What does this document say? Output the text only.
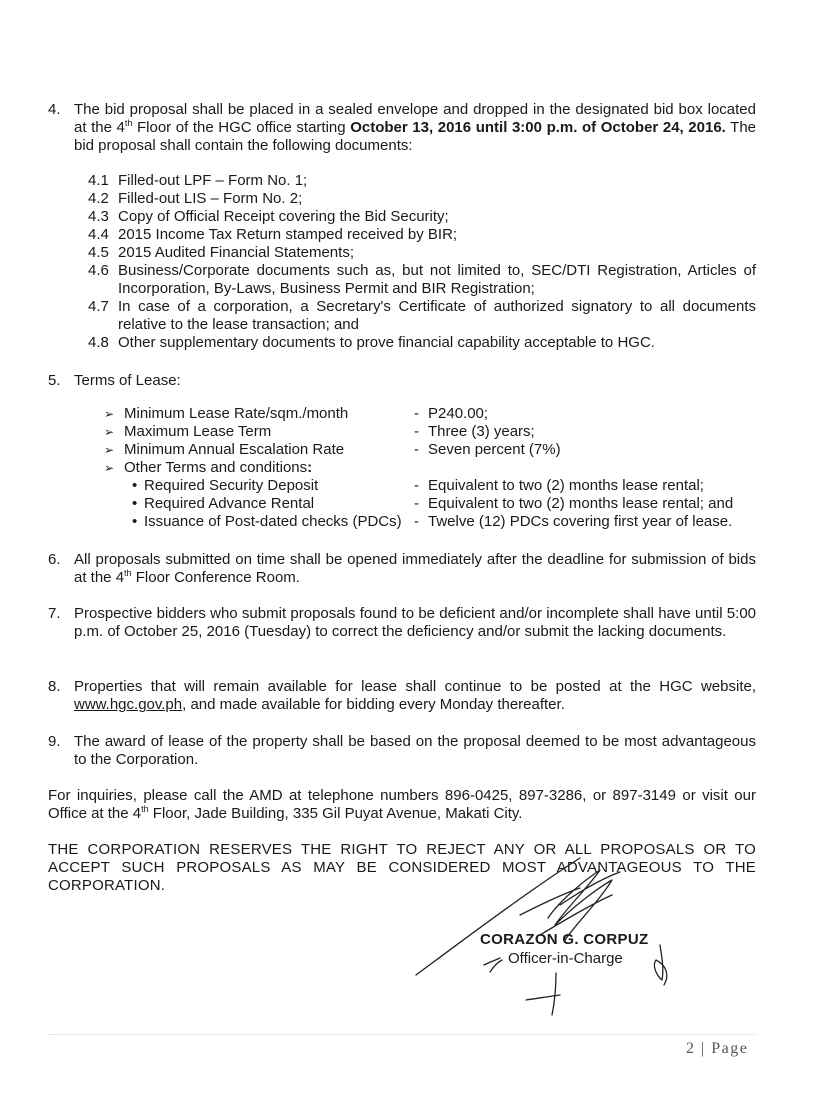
4. The bid proposal shall be placed in a sealed envelope and dropped in the designated bid box located at the 4th Floor of the HGC office starting October 13, 2016 until 3:00 p.m. of October 24, 2016. The bid proposal shall contain the following documents:
4.1 Filled-out LPF – Form No. 1;
4.2 Filled-out LIS – Form No. 2;
4.3 Copy of Official Receipt covering the Bid Security;
4.4 2015 Income Tax Return stamped received by BIR;
4.5 2015 Audited Financial Statements;
4.6 Business/Corporate documents such as, but not limited to, SEC/DTI Registration, Articles of Incorporation, By-Laws, Business Permit and BIR Registration;
4.7 In case of a corporation, a Secretary's Certificate of authorized signatory to all documents relative to the lease transaction; and
4.8 Other supplementary documents to prove financial capability acceptable to HGC.
5. Terms of Lease:
➢ Minimum Lease Rate/sqm./month	- P240.00;
➢ Maximum Lease Term	- Three (3) years;
➢ Minimum Annual Escalation Rate	- Seven percent (7%)
➢ Other Terms and conditions:
• Required Security Deposit	- Equivalent to two (2) months lease rental;
• Required Advance Rental	- Equivalent to two (2) months lease rental; and
• Issuance of Post-dated checks (PDCs) - Twelve (12) PDCs covering first year of lease.
6. All proposals submitted on time shall be opened immediately after the deadline for submission of bids at the 4th Floor Conference Room.
7. Prospective bidders who submit proposals found to be deficient and/or incomplete shall have until 5:00 p.m. of October 25, 2016 (Tuesday) to correct the deficiency and/or submit the lacking documents.
8. Properties that will remain available for lease shall continue to be posted at the HGC website, www.hgc.gov.ph, and made available for bidding every Monday thereafter.
9. The award of lease of the property shall be based on the proposal deemed to be most advantageous to the Corporation.
For inquiries, please call the AMD at telephone numbers 896-0425, 897-3286, or 897-3149 or visit our Office at the 4th Floor, Jade Building, 335 Gil Puyat Avenue, Makati City.
THE CORPORATION RESERVES THE RIGHT TO REJECT ANY OR ALL PROPOSALS OR TO ACCEPT SUCH PROPOSALS AS MAY BE CONSIDERED MOST ADVANTAGEOUS TO THE CORPORATION.
CORAZON G. CORPUZ
Officer-in-Charge
2 | Page
